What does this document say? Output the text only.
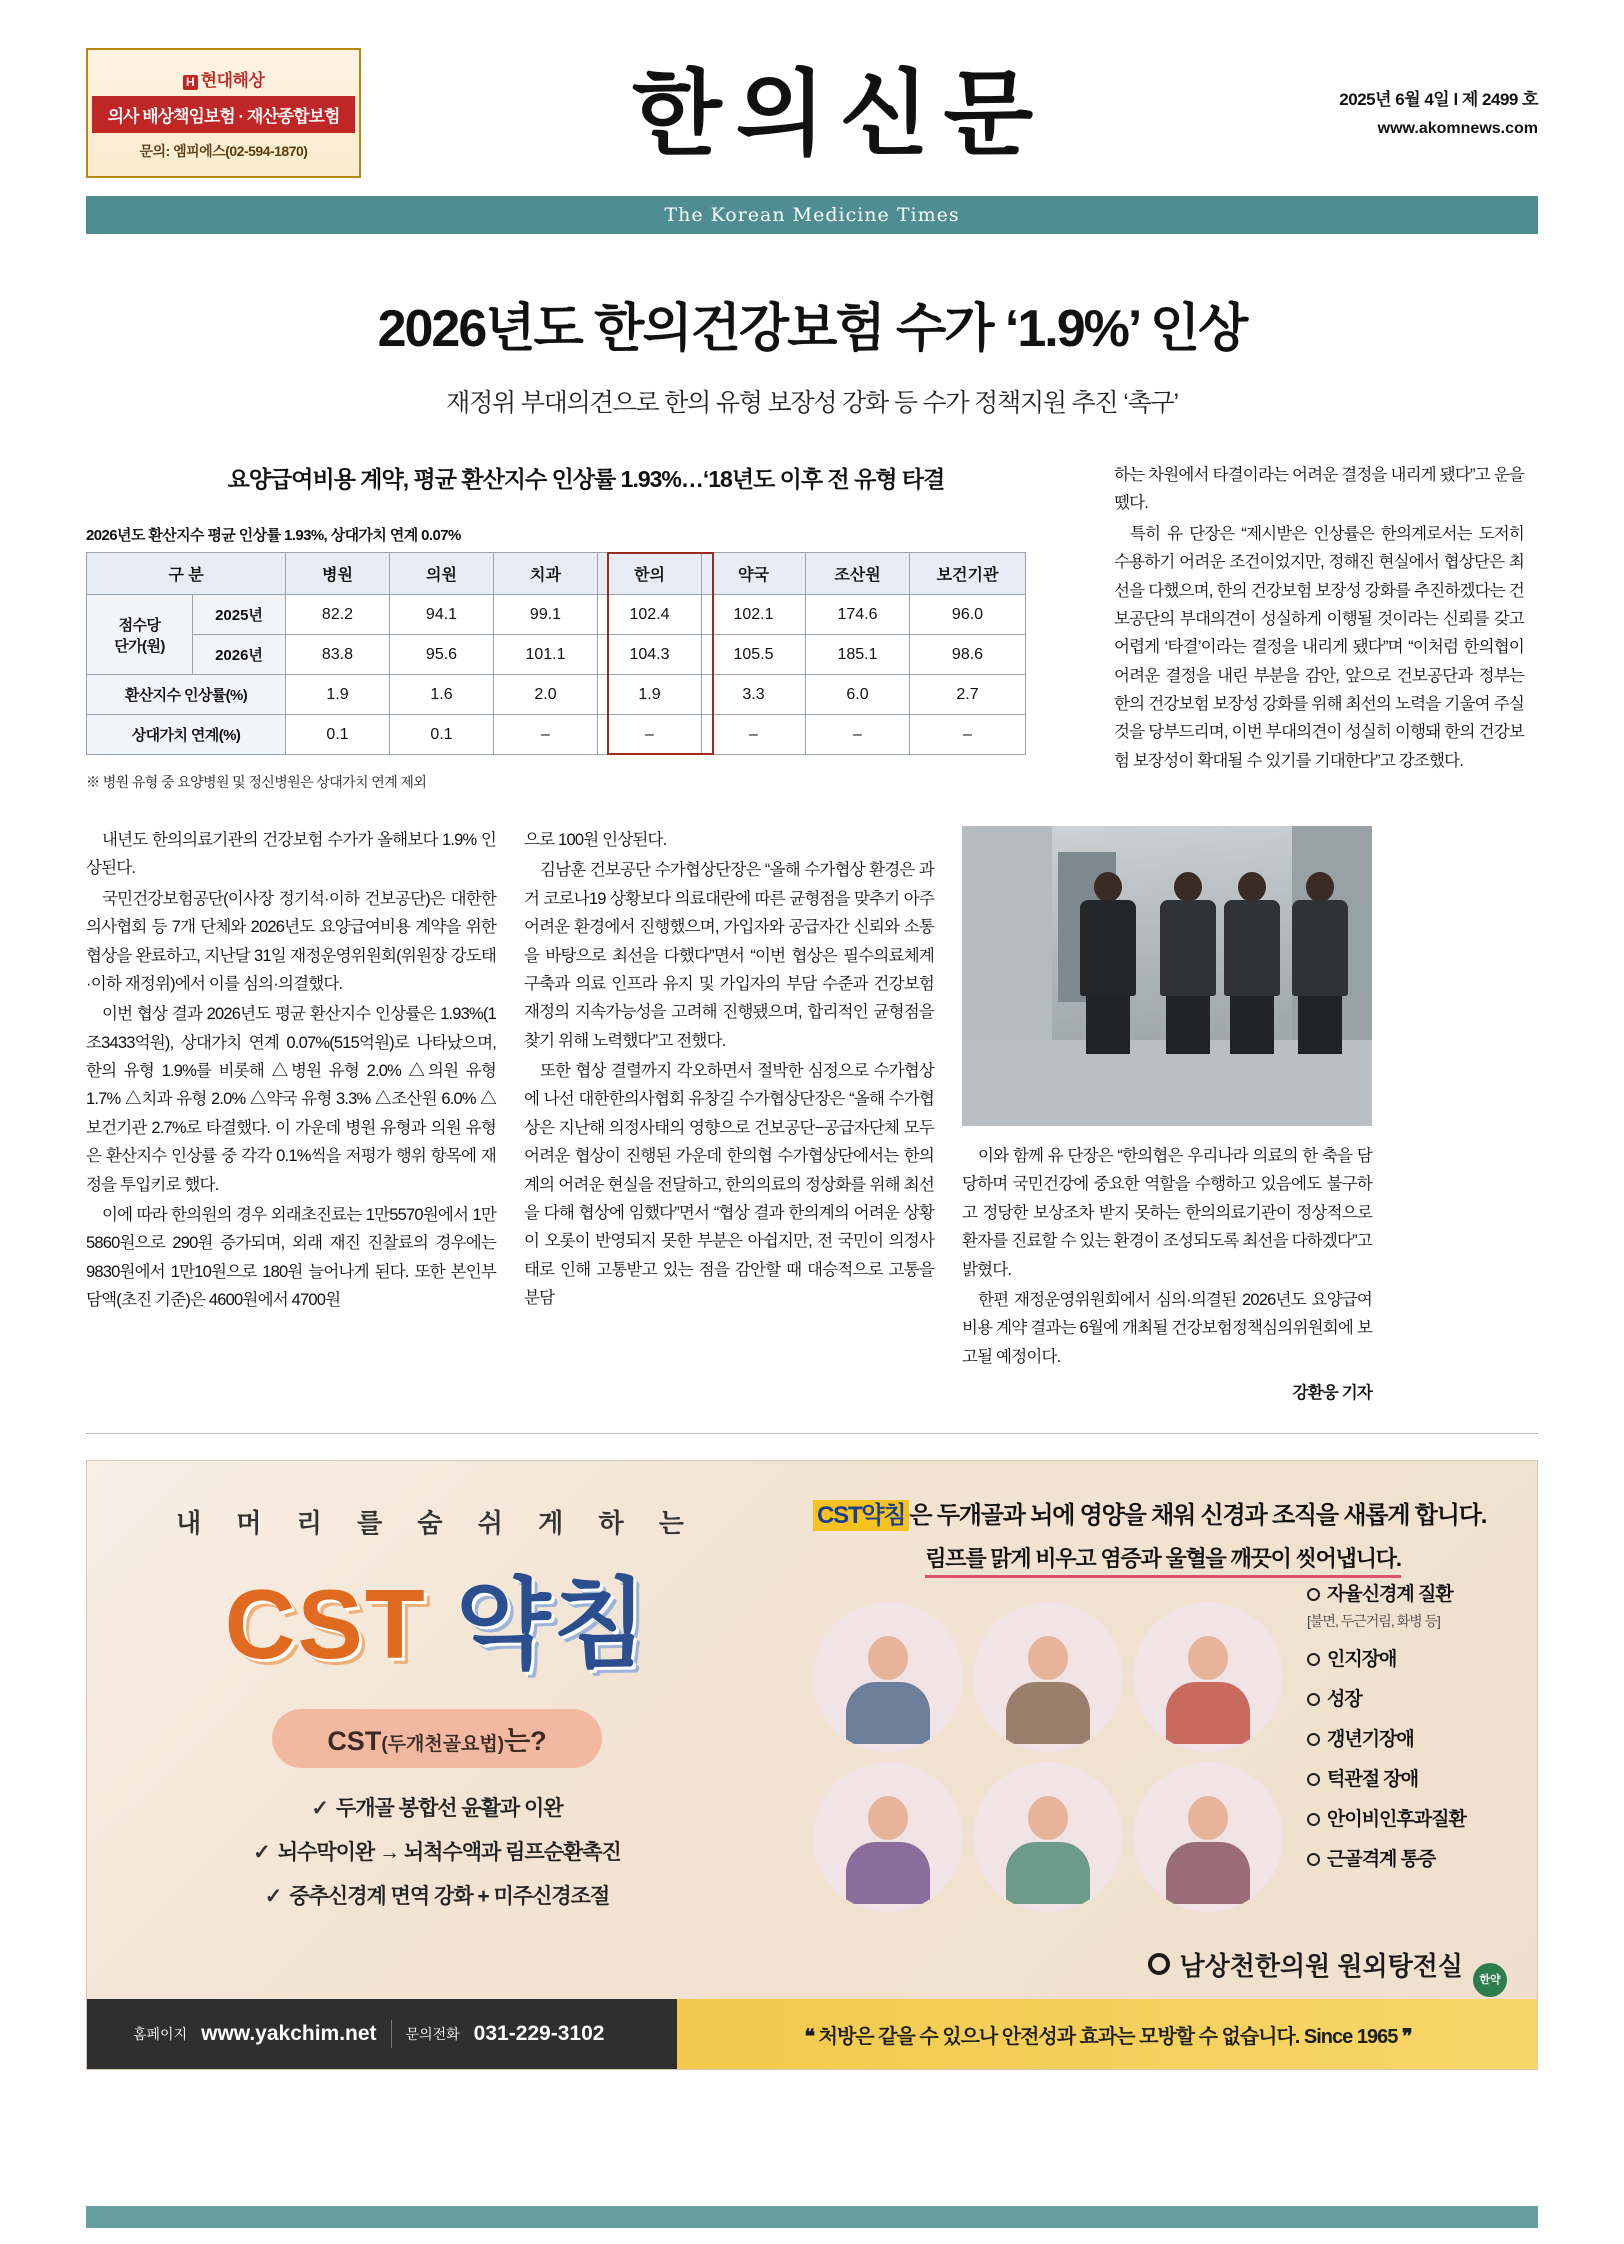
H 현대해상
의사 배상책임보험 · 재산종합보험
문의: 엠피에스(02-594-1870)	한의신문	2025년 6월 4일 l 제 2499 호
www.akomnews.com
The Korean Medicine Times
2026년도 한의건강보험 수가 ‘1.9%’ 인상
재정위 부대의견으로 한의 유형 보장성 강화 등 수가 정책지원 추진 ‘촉구’
요양급여비용 계약, 평균 환산지수 인상률 1.93%…‘18년도 이후 전 유형 타결
2026년도 환산지수 평균 인상률 1.93%, 상대가치 연계 0.07%
구 분		병원	의원	치과	한의	약국	조산원	보건기관
점수당
단가(원)	2025년	82.2	94.1	99.1	102.4	102.1	174.6	96.0
	2026년	83.8	95.6	101.1	104.3	105.5	185.1	98.6
환산지수 인상률(%)		1.9	1.6	2.0	1.9	3.3	6.0	2.7
상대가치 연계(%)		0.1	0.1	–	–	–	–	–
※ 병원 유형 중 요양병원 및 정신병원은 상대가치 연계 제외

하는 차원에서 타결이라는 어려운 결정을 내리게 됐다”고 운을 뗐다.

특히 유 단장은 “제시받은 인상률은 한의계로서는 도저히 수용하기 어려운 조건이었지만, 정해진 현실에서 협상단은 최선을 다했으며, 한의 건강보험 보장성 강화를 추진하겠다는 건보공단의 부대의견이 성실하게 이행될 것이라는 신뢰를 갖고 어렵게 ‘타결’이라는 결정을 내리게 됐다”며 “이처럼 한의협이 어려운 결정을 내린 부분을 감안, 앞으로 건보공단과 정부는 한의 건강보험 보장성 강화를 위해 최선의 노력을 기울여 주실 것을 당부드리며, 이번 부대의견이 성실히 이행돼 한의 건강보험 보장성이 확대될 수 있기를 기대한다”고 강조했다.

내년도 한의의료기관의 건강보험 수가가 올해보다 1.9% 인상된다.

국민건강보험공단(이사장 정기석·이하 건보공단)은 대한한의사협회 등 7개 단체와 2026년도 요양급여비용 계약을 위한 협상을 완료하고, 지난달 31일 재정운영위원회(위원장 강도태·이하 재정위)에서 이를 심의·의결했다.

이번 협상 결과 2026년도 평균 환산지수 인상률은 1.93%(1조3433억원), 상대가치 연계 0.07%(515억원)로 나타났으며, 한의 유형 1.9%를 비롯해 △병원 유형 2.0% △의원 유형 1.7% △치과 유형 2.0% △약국 유형 3.3% △조산원 6.0% △보건기관 2.7%로 타결했다. 이 가운데 병원 유형과 의원 유형은 환산지수 인상률 중 각각 0.1%씩을 저평가 행위 항목에 재정을 투입키로 했다.

이에 따라 한의원의 경우 외래초진료는 1만5570원에서 1만5860원으로 290원 증가되며, 외래 재진 진찰료의 경우에는 9830원에서 1만10원으로 180원 늘어나게 된다. 또한 본인부담액(초진 기준)은 4600원에서 4700원

으로 100원 인상된다.

김남훈 건보공단 수가협상단장은 “올해 수가협상 환경은 과거 코로나19 상황보다 의료대란에 따른 균형점을 맞추기 아주 어려운 환경에서 진행했으며, 가입자와 공급자간 신뢰와 소통을 바탕으로 최선을 다했다”면서 “이번 협상은 필수의료체계 구축과 의료 인프라 유지 및 가입자의 부담 수준과 건강보험 재정의 지속가능성을 고려해 진행됐으며, 합리적인 균형점을 찾기 위해 노력했다”고 전했다.

또한 협상 결렬까지 각오하면서 절박한 심정으로 수가협상에 나선 대한한의사협회 유창길 수가협상단장은 “올해 수가협상은 지난해 의정사태의 영향으로 건보공단−공급자단체 모두 어려운 협상이 진행된 가운데 한의협 수가협상단에서는 한의계의 어려운 현실을 전달하고, 한의의료의 정상화를 위해 최선을 다해 협상에 임했다”면서 “협상 결과 한의계의 어려운 상황이 오롯이 반영되지 못한 부분은 아쉽지만, 전 국민이 의정사태로 인해 고통받고 있는 점을 감안할 때 대승적으로 고통을 분담

이와 함께 유 단장은 “한의협은 우리나라 의료의 한 축을 담당하며 국민건강에 중요한 역할을 수행하고 있음에도 불구하고 정당한 보상조차 받지 못하는 한의의료기관이 정상적으로 환자를 진료할 수 있는 환경이 조성되도록 최선을 다하겠다”고 밝혔다.

한편 재정운영위원회에서 심의·의결된 2026년도 요양급여비용 계약 결과는 6월에 개최될 건강보험정책심의위원회에 보고될 예정이다.

강환웅 기자
내 머 리 를 숨 쉬 게 하 는
CST 약침
CST(두개천골요법)는?
✓ 두개골 봉합선 윤활과 이완
✓ 뇌수막이완 → 뇌척수액과 림프순환촉진
✓ 중추신경계 면역 강화 + 미주신경조절
CST약침 은 두개골과 뇌에 영양을 채워 신경과 조직을 새롭게 합니다.
림프를 맑게 비우고 염증과 울혈을 깨끗이 씻어냅니다.
자율신경계 질환
[불면, 두근거림, 화병 등]
인지장애
성장
갱년기장애
턱관절 장애
안이비인후과질환
근골격계 통증
남상천한의원 원외탕전실 한약
홈페이지 www.yakchim.net 문의전화 031-229-3102	❝ 처방은 같을 수 있으나 안전성과 효과는 모방할 수 없습니다. Since 1965 ❞
